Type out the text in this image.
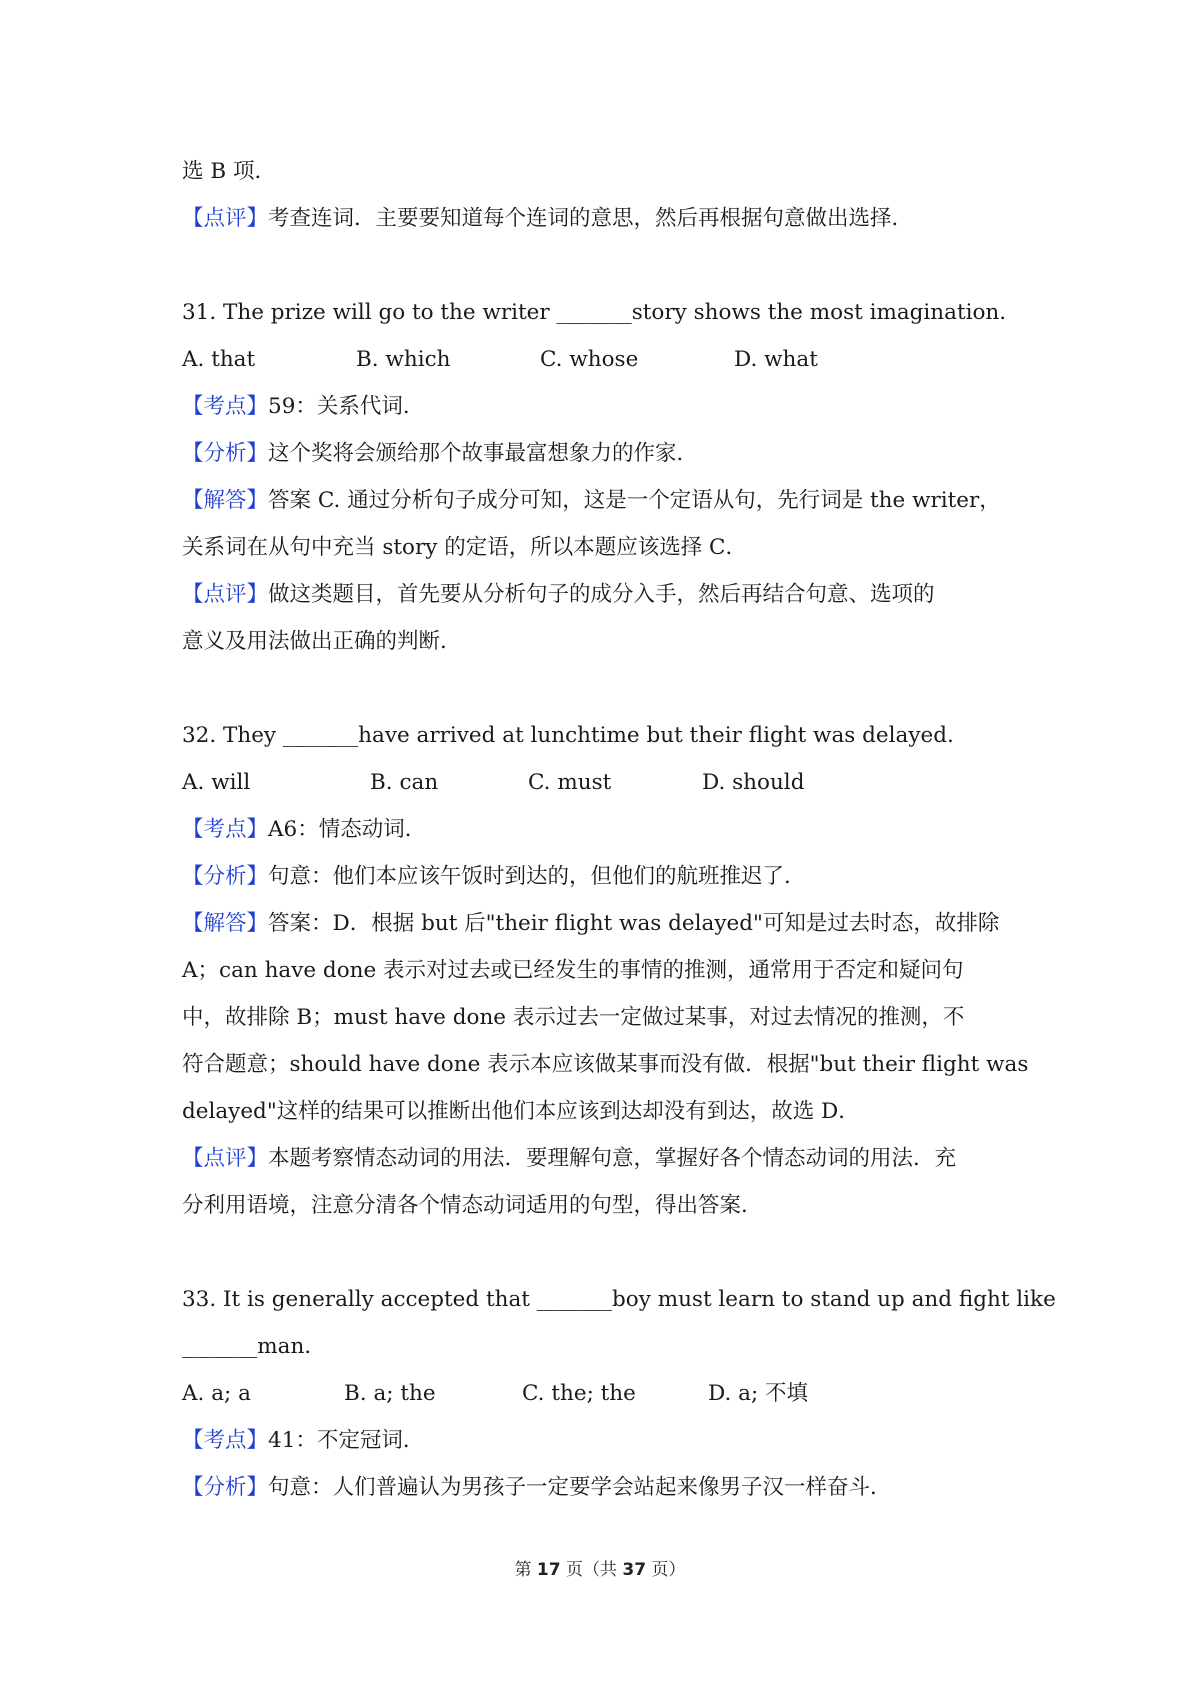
选 B 项．

【点评】考查连词．主要要知道每个连词的意思，然后再根据句意做出选择．

31. The prize will go to the writer _______story shows the most imagination.

A. that	B. which	C. whose	D. what

【考点】59：关系代词．

【分析】这个奖将会颁给那个故事最富想象力的作家．

【解答】答案 C. 通过分析句子成分可知，这是一个定语从句，先行词是 the writer，

关系词在从句中充当 story 的定语，所以本题应该选择 C．

【点评】做这类题目，首先要从分析句子的成分入手，然后再结合句意、选项的

意义及用法做出正确的判断．

32. They _______have arrived at lunchtime but their flight was delayed.

A. will	B. can	C. must	D. should

【考点】A6：情态动词．

【分析】句意：他们本应该午饭时到达的，但他们的航班推迟了．

【解答】答案：D．根据 but 后"their flight was delayed"可知是过去时态，故排除

A；can have done 表示对过去或已经发生的事情的推测，通常用于否定和疑问句

中，故排除 B；must have done 表示过去一定做过某事，对过去情况的推测，不

符合题意；should have done 表示本应该做某事而没有做．根据"but their flight was

delayed"这样的结果可以推断出他们本应该到达却没有到达，故选 D．

【点评】本题考察情态动词的用法．要理解句意，掌握好各个情态动词的用法．充

分利用语境，注意分清各个情态动词适用的句型，得出答案．

33. It is generally accepted that _______boy must learn to stand up and fight like

_______man.

A. a; a	B. a; the	C. the; the	D. a; 不填

【考点】41：不定冠词．

【分析】句意：人们普遍认为男孩子一定要学会站起来像男子汉一样奋斗．

第 17 页（共 37 页）
